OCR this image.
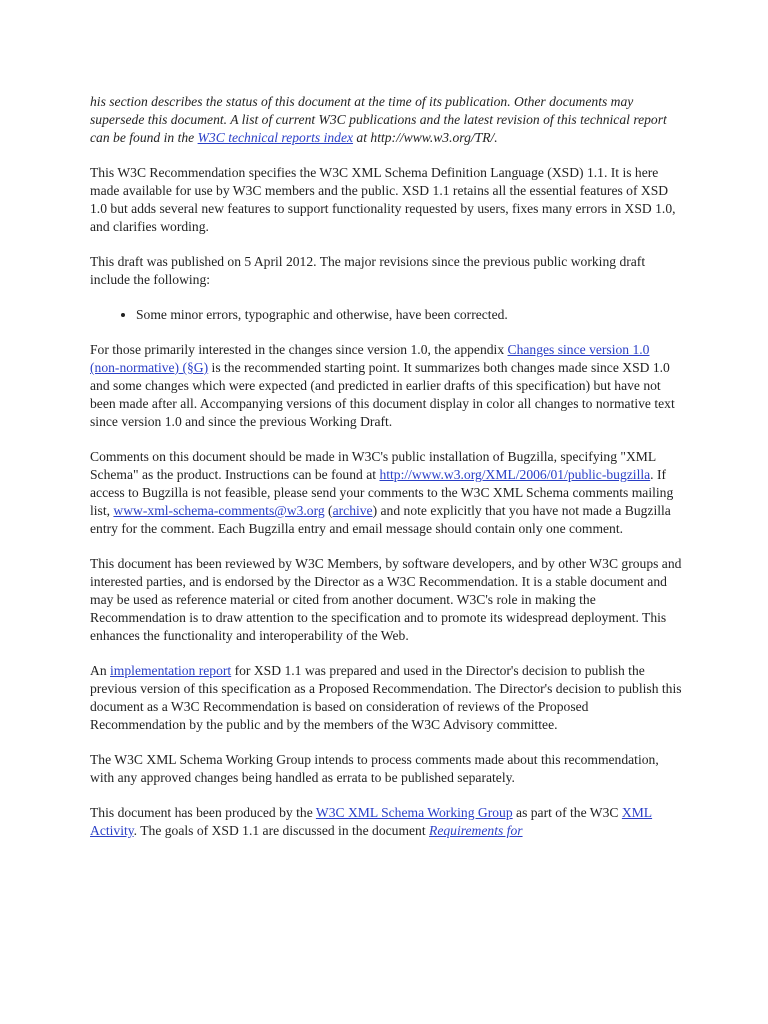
his section describes the status of this document at the time of its publication. Other documents may supersede this document. A list of current W3C publications and the latest revision of this technical report can be found in the W3C technical reports index at http://www.w3.org/TR/.

This W3C Recommendation specifies the W3C XML Schema Definition Language (XSD) 1.1. It is here made available for use by W3C members and the public. XSD 1.1 retains all the essential features of XSD 1.0 but adds several new features to support functionality requested by users, fixes many errors in XSD 1.0, and clarifies wording.

This draft was published on 5 April 2012. The major revisions since the previous public working draft include the following:

• Some minor errors, typographic and otherwise, have been corrected.

For those primarily interested in the changes since version 1.0, the appendix Changes since version 1.0 (non-normative) (§G) is the recommended starting point. It summarizes both changes made since XSD 1.0 and some changes which were expected (and predicted in earlier drafts of this specification) but have not been made after all. Accompanying versions of this document display in color all changes to normative text since version 1.0 and since the previous Working Draft.

Comments on this document should be made in W3C's public installation of Bugzilla, specifying "XML Schema" as the product. Instructions can be found at http://www.w3.org/XML/2006/01/public-bugzilla. If access to Bugzilla is not feasible, please send your comments to the W3C XML Schema comments mailing list, www-xml-schema-comments@w3.org (archive) and note explicitly that you have not made a Bugzilla entry for the comment. Each Bugzilla entry and email message should contain only one comment.

This document has been reviewed by W3C Members, by software developers, and by other W3C groups and interested parties, and is endorsed by the Director as a W3C Recommendation. It is a stable document and may be used as reference material or cited from another document. W3C's role in making the Recommendation is to draw attention to the specification and to promote its widespread deployment. This enhances the functionality and interoperability of the Web.

An implementation report for XSD 1.1 was prepared and used in the Director's decision to publish the previous version of this specification as a Proposed Recommendation. The Director's decision to publish this document as a W3C Recommendation is based on consideration of reviews of the Proposed Recommendation by the public and by the members of the W3C Advisory committee.

The W3C XML Schema Working Group intends to process comments made about this recommendation, with any approved changes being handled as errata to be published separately.

This document has been produced by the W3C XML Schema Working Group as part of the W3C XML Activity. The goals of XSD 1.1 are discussed in the document Requirements for
